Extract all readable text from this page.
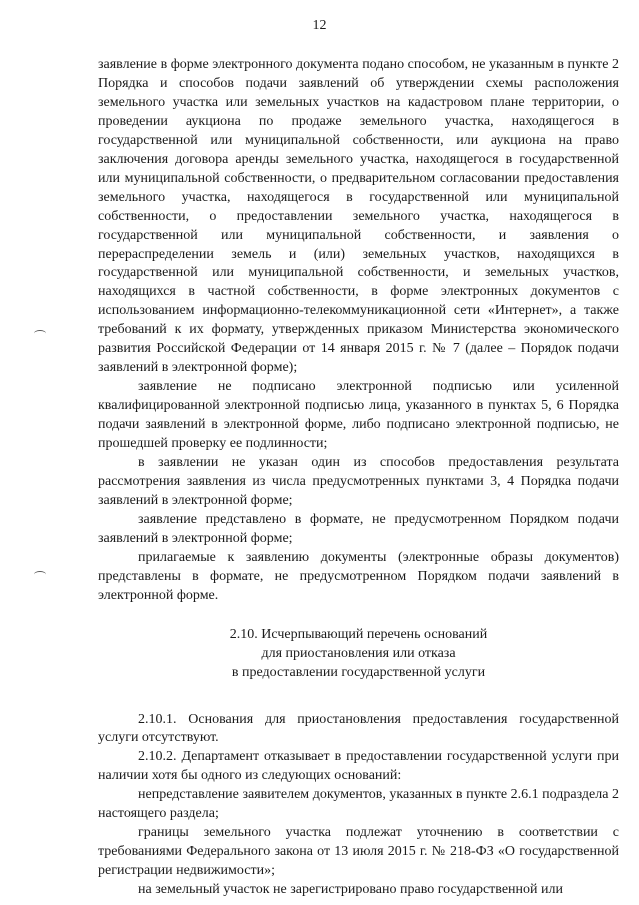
12

заявление в форме электронного документа подано способом, не указанным в пункте 2 Порядка и способов подачи заявлений об утверждении схемы расположения земельного участка или земельных участков на кадастровом плане территории, о проведении аукциона по продаже земельного участка, находящегося в государственной или муниципальной собственности, или аукциона на право заключения договора аренды земельного участка, находящегося в государственной или муниципальной собственности, о предварительном согласовании предоставления земельного участка, находящегося в государственной или муниципальной собственности, о предоставлении земельного участка, находящегося в государственной или муниципальной собственности, и заявления о перераспределении земель и (или) земельных участков, находящихся в государственной или муниципальной собственности, и земельных участков, находящихся в частной собственности, в форме электронных документов с использованием информационно-телекоммуникационной сети «Интернет», а также требований к их формату, утвержденных приказом Министерства экономического развития Российской Федерации от 14 января 2015 г. № 7 (далее – Порядок подачи заявлений в электронной форме);

заявление не подписано электронной подписью или усиленной квалифицированной электронной подписью лица, указанного в пунктах 5, 6 Порядка подачи заявлений в электронной форме, либо подписано электронной подписью, не прошедшей проверку ее подлинности;

в заявлении не указан один из способов предоставления результата рассмотрения заявления из числа предусмотренных пунктами 3, 4 Порядка подачи заявлений в электронной форме;

заявление представлено в формате, не предусмотренном Порядком подачи заявлений в электронной форме;

прилагаемые к заявлению документы (электронные образы документов) представлены в формате, не предусмотренном Порядком подачи заявлений в электронной форме.

2.10. Исчерпывающий перечень оснований

для приостановления или отказа

в предоставлении государственной услуги

2.10.1. Основания для приостановления предоставления государственной услуги отсутствуют.

2.10.2. Департамент отказывает в предоставлении государственной услуги при наличии хотя бы одного из следующих оснований:

непредставление заявителем документов, указанных в пункте 2.6.1 подраздела 2 настоящего раздела;

границы земельного участка подлежат уточнению в соответствии с требованиями Федерального закона от 13 июля 2015 г. № 218-ФЗ «О государственной регистрации недвижимости»;

на земельный участок не зарегистрировано право государственной или
